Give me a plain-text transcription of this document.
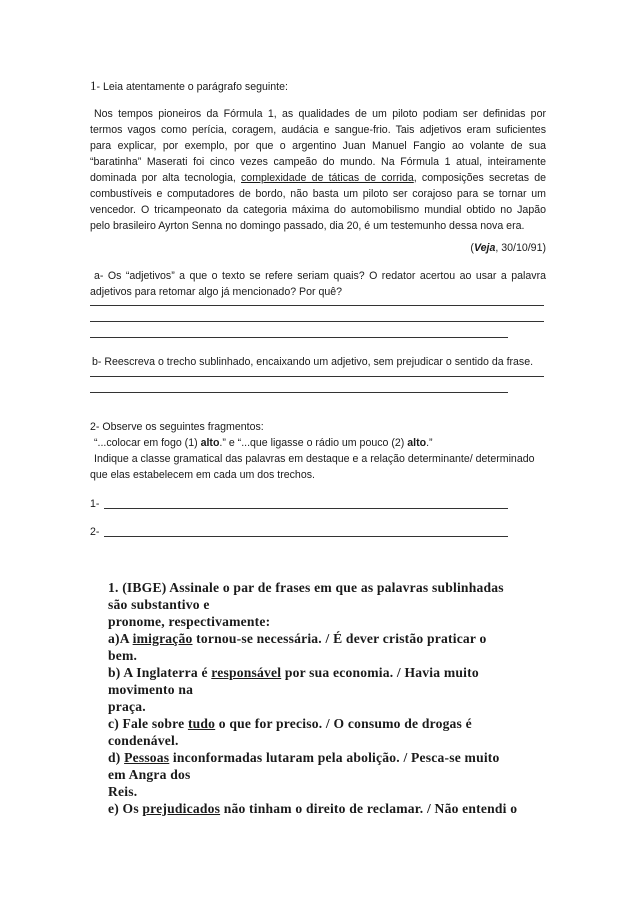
1- Leia atentamente o parágrafo seguinte:
Nos tempos pioneiros da Fórmula 1, as qualidades de um piloto podiam ser definidas por
termos vagos como perícia, coragem, audácia e sangue-frio. Tais adjetivos eram suficientes
para explicar, por exemplo, por que o argentino Juan Manuel Fangio ao volante de sua
“baratinha” Maserati foi cinco vezes campeão do mundo. Na Fórmula 1 atual, inteiramente
dominada por alta tecnologia, complexidade de táticas de corrida, composições secretas de
combustíveis e computadores de bordo, não basta um piloto ser corajoso para se tornar um
vencedor. O tricampeonato da categoria máxima do automobilismo mundial obtido no Japão
pelo brasileiro Ayrton Senna no domingo passado, dia 20, é um testemunho dessa nova era.
(Veja, 30/10/91)
a- Os “adjetivos” a que o texto se refere seriam quais? O redator acertou ao usar a palavra
adjetivos para retomar algo já mencionado? Por quê?
b- Reescreva o trecho sublinhado, encaixando um adjetivo, sem prejudicar o sentido da frase.
2- Observe os seguintes fragmentos:
“...colocar em fogo (1) alto.” e “...que ligasse o rádio um pouco (2) alto.”
Indique a classe gramatical das palavras em destaque e a relação determinante/ determinado
que elas estabelecem em cada um dos trechos.
1-
2-
1. (IBGE) Assinale o par de frases em que as palavras sublinhadas
são substantivo e
pronome, respectivamente:
a)A imigração tornou-se necessária. / É dever cristão praticar o
bem.
b) A Inglaterra é responsável por sua economia. / Havia muito
movimento na
praça.
c) Fale sobre tudo o que for preciso. / O consumo de drogas é
condenável.
d) Pessoas inconformadas lutaram pela abolição. / Pesca-se muito
em Angra dos
Reis.
e) Os prejudicados não tinham o direito de reclamar. / Não entendi o
